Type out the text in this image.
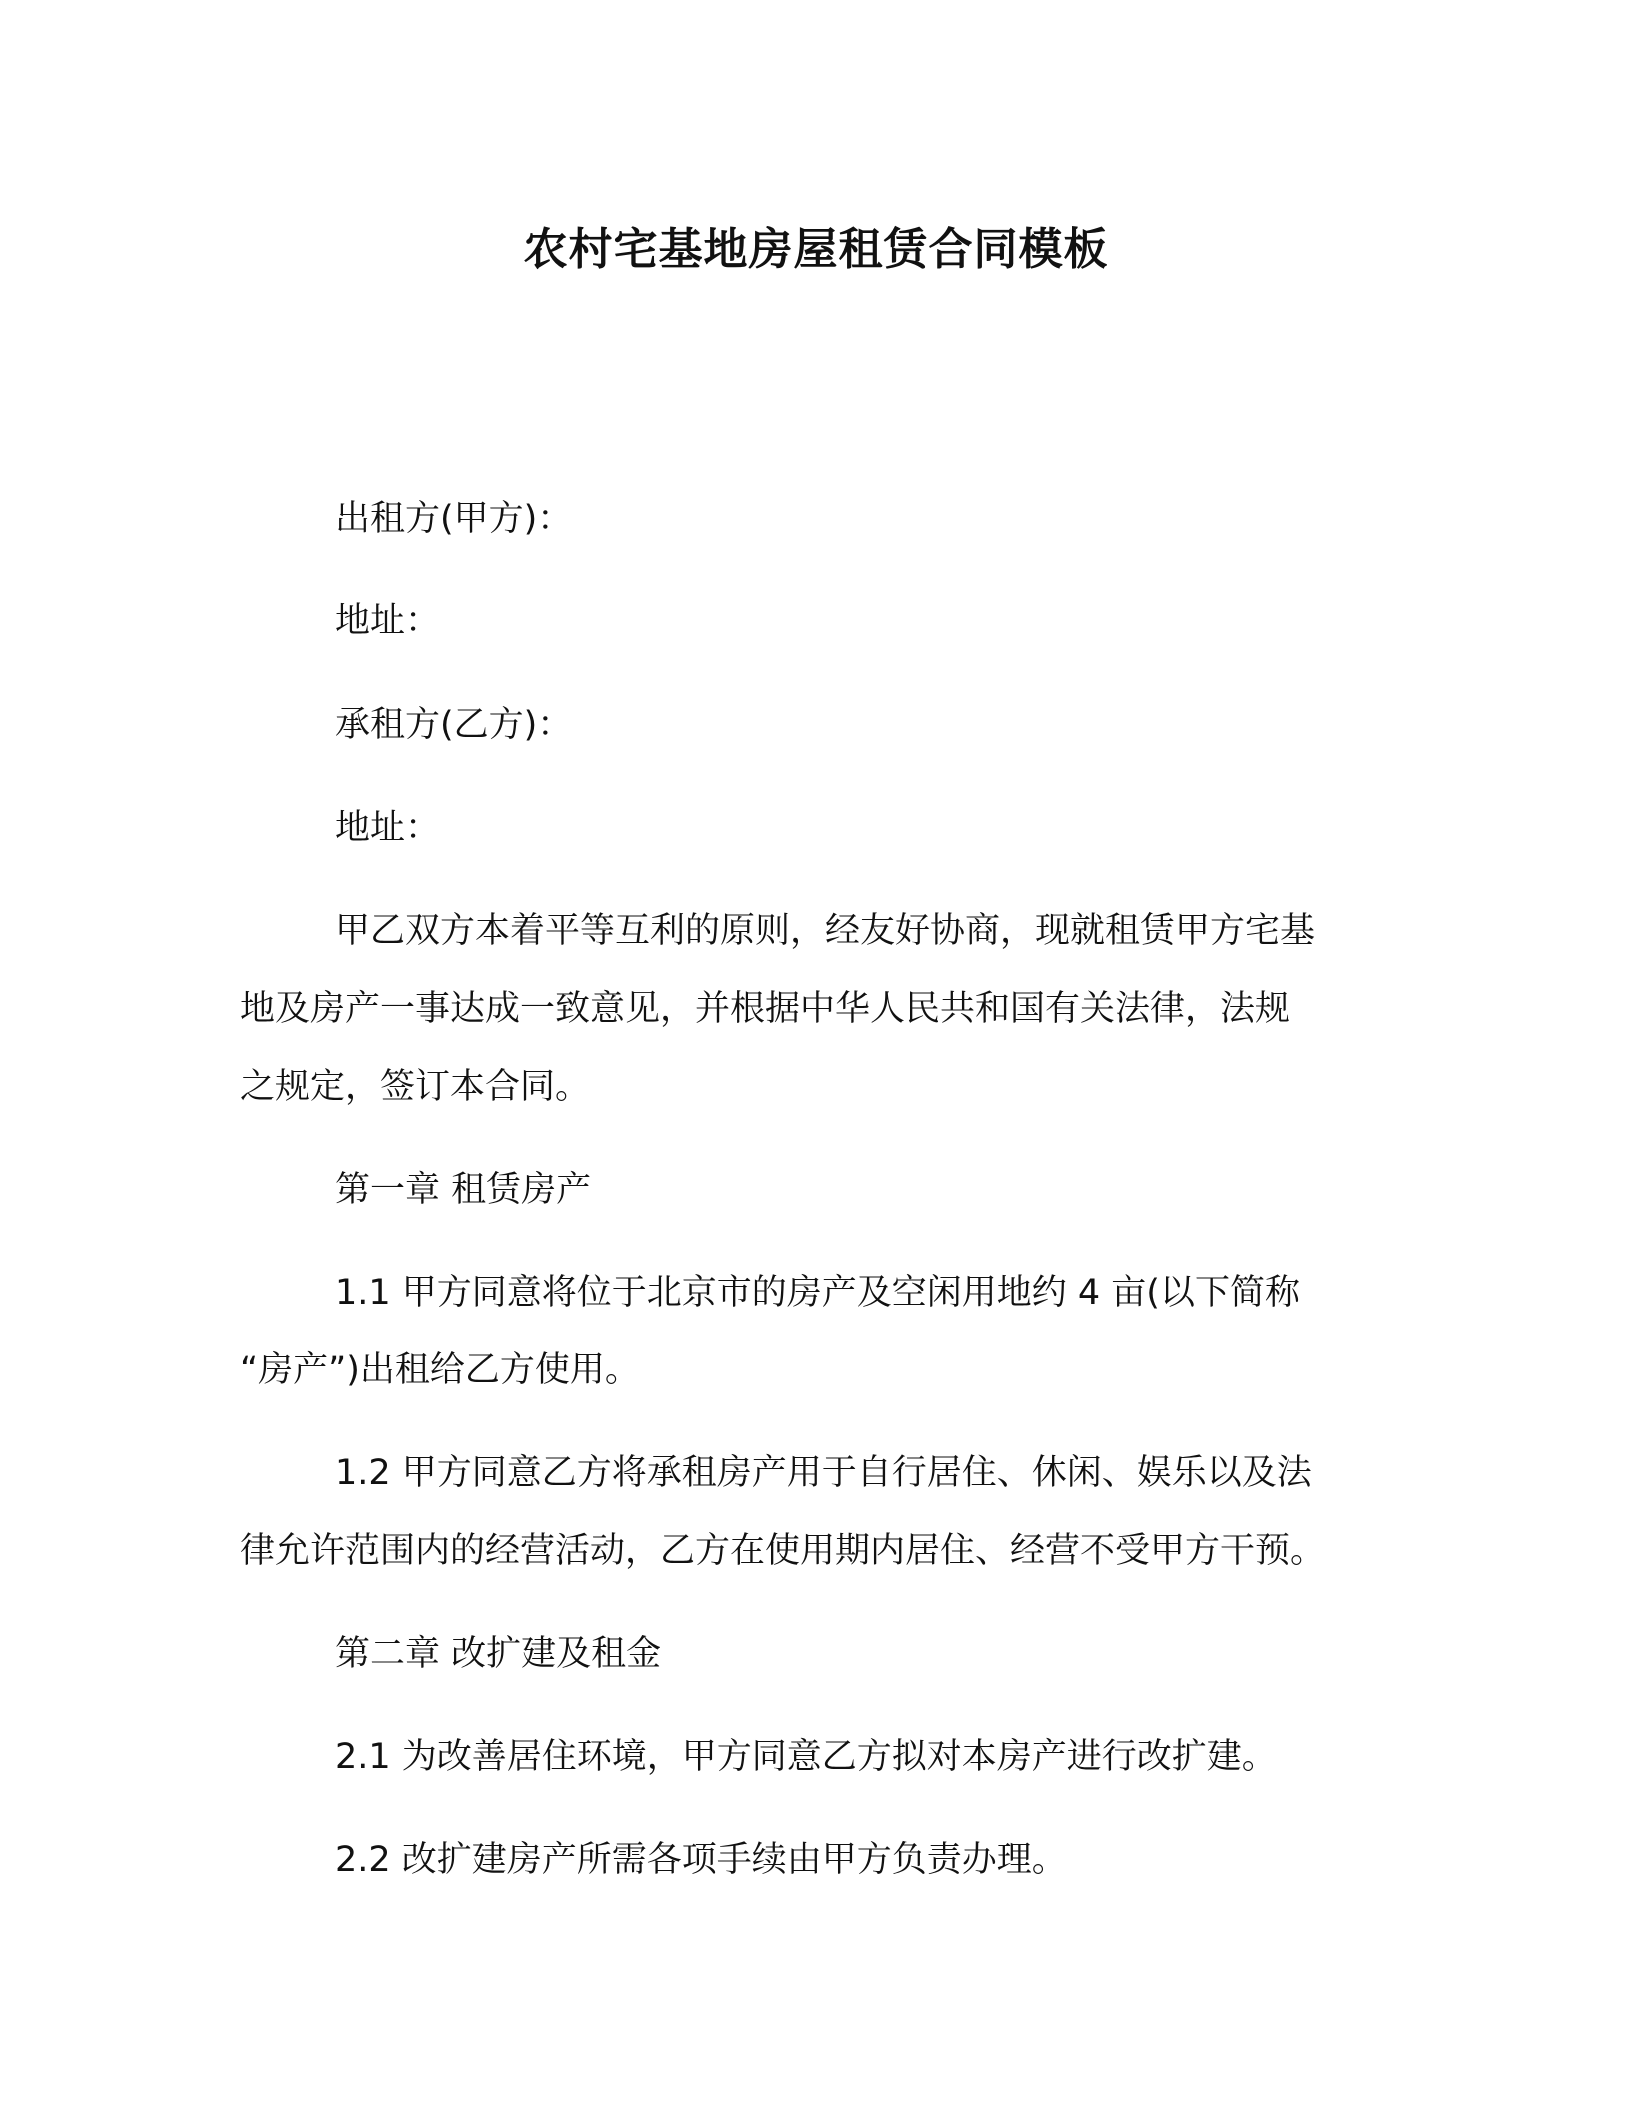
农村宅基地房屋租赁合同模板
出租方(甲方)：
地址：
承租方(乙方)：
地址：
甲乙双方本着平等互利的原则，经友好协商，现就租赁甲方宅基
地及房产一事达成一致意见，并根据中华人民共和国有关法律，法规
之规定，签订本合同。
第一章 租赁房产
1.1 甲方同意将位于北京市的房产及空闲用地约 4 亩(以下简称
“房产”)出租给乙方使用。
1.2 甲方同意乙方将承租房产用于自行居住、休闲、娱乐以及法
律允许范围内的经营活动，乙方在使用期内居住、经营不受甲方干预。
第二章 改扩建及租金
2.1 为改善居住环境，甲方同意乙方拟对本房产进行改扩建。
2.2 改扩建房产所需各项手续由甲方负责办理。
